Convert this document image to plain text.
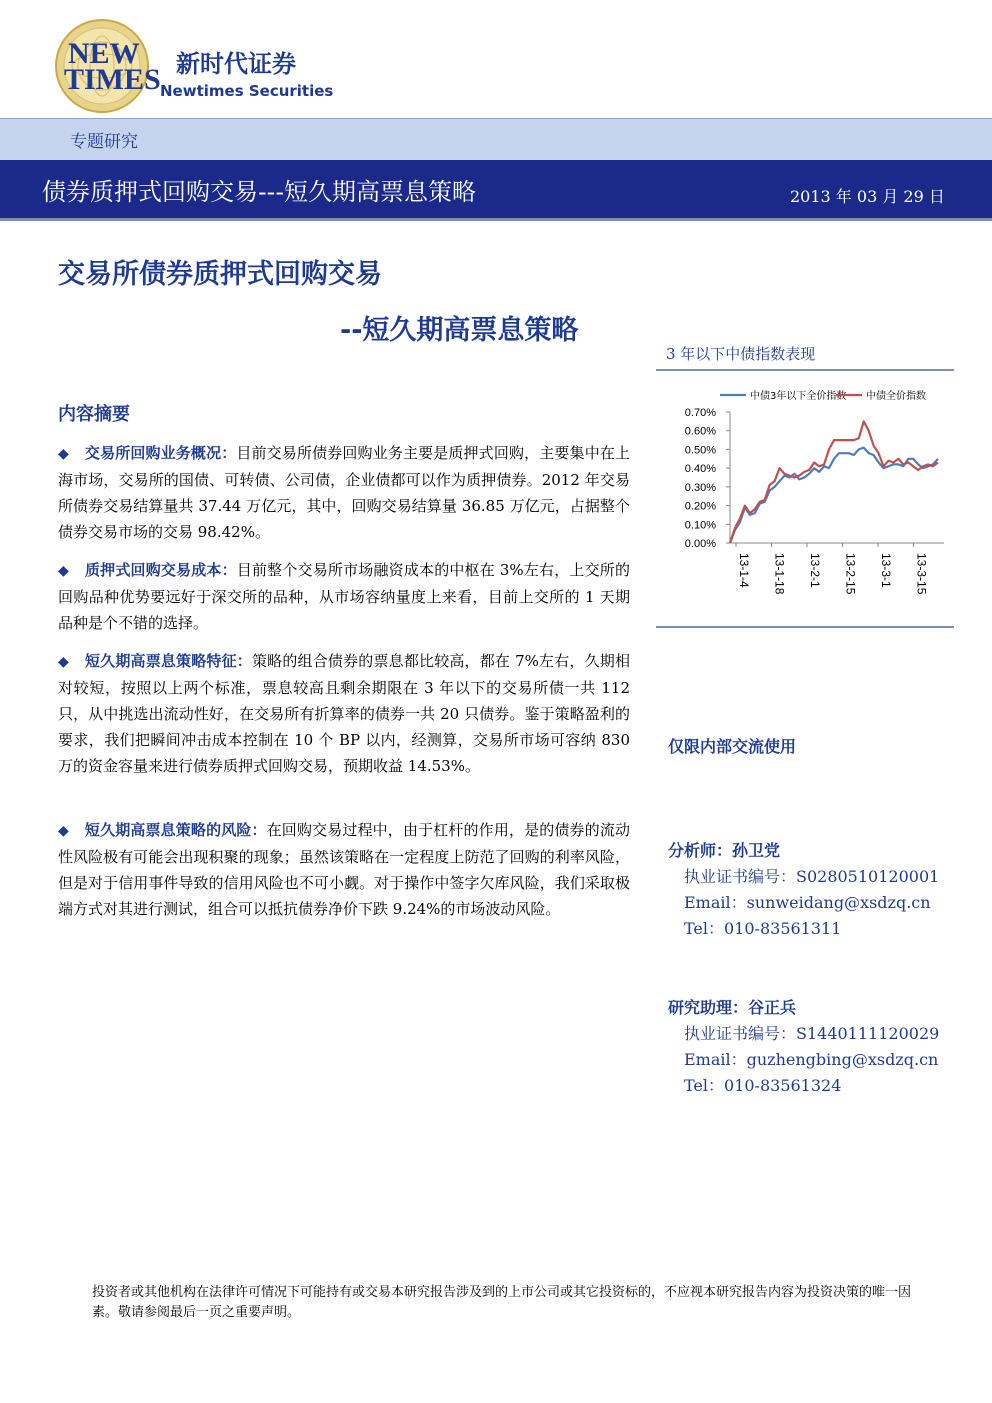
NEW
TIMES 新时代证券
Newtimes Securities
专题研究
债券质押式回购交易---短久期高票息策略	2013 年 03 月 29 日
交易所债券质押式回购交易
--短久期高票息策略
内容摘要
◆ 交易所回购业务概况：目前交易所债券回购业务主要是质押式回购，主要集中在上海市场，交易所的国债、可转债、公司债，企业债都可以作为质押债券。2012 年交易所债券交易结算量共 37.44 万亿元，其中，回购交易结算量 36.85 万亿元，占据整个债券交易市场的交易 98.42%。
◆ 质押式回购交易成本：目前整个交易所市场融资成本的中枢在 3%左右，上交所的回购品种优势要远好于深交所的品种，从市场容纳量度上来看，目前上交所的 1 天期品种是个不错的选择。
◆ 短久期高票息策略特征：策略的组合债券的票息都比较高，都在 7%左右，久期相对较短，按照以上两个标准，票息较高且剩余期限在 3 年以下的交易所债一共 112 只，从中挑选出流动性好，在交易所有折算率的债券一共 20 只债券。鉴于策略盈利的要求，我们把瞬间冲击成本控制在 10 个 BP 以内，经测算，交易所市场可容纳 830 万的资金容量来进行债券质押式回购交易，预期收益 14.53%。
◆ 短久期高票息策略的风险：在回购交易过程中，由于杠杆的作用，是的债券的流动性风险极有可能会出现积聚的现象；虽然该策略在一定程度上防范了回购的利率风险，但是对于信用事件导致的信用风险也不可小觑。对于操作中签字欠库风险，我们采取极端方式对其进行测试，组合可以抵抗债券净价下跌 9.24%的市场波动风险。
3 年以下中债指数表现
0.70%
0.60%
0.50%
0.40%
0.30%
0.20%
0.10%
0.00%
中债3年以下全价指数 中债全价指数
13-1-4 13-1-18 13-2-1 13-2-15 13-3-1 13-3-15
仅限内部交流使用
分析师：孙卫党
执业证书编号：S0280510120001
Email：sunweidang@xsdzq.cn
Tel：010-83561311
研究助理：谷正兵
执业证书编号：S1440111120029
Email：guzhengbing@xsdzq.cn
Tel：010-83561324
投资者或其他机构在法律许可情况下可能持有或交易本研究报告涉及到的上市公司或其它投资标的，不应视本研究报告内容为投资决策的唯一因素。敬请参阅最后一页之重要声明。
